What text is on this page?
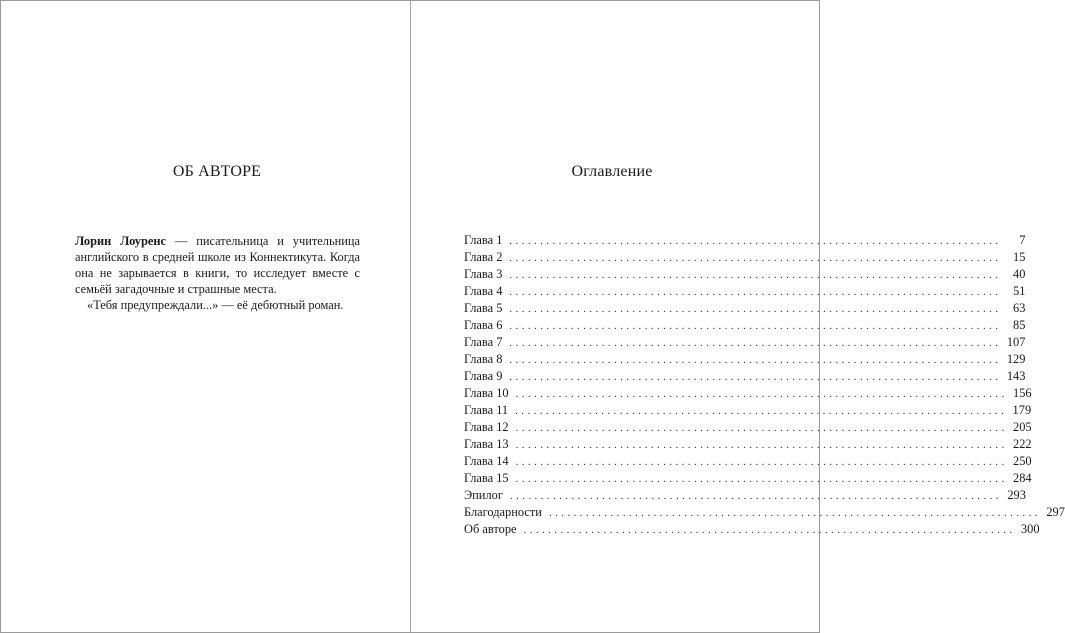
ОБ АВТОРЕ

Лорин Лоуренс — писательница и учительница английского в средней школе из Коннектикута. Когда она не зарывается в книги, то исследует вместе с семьёй загадочные и страшные места.

«Тебя предупреждали...» — её дебютный роман.

Оглавление
Глава 1 ................................................................................	7
Глава 2 ................................................................................ 15
Глава 3 ................................................................................ 40
Глава 4 ................................................................................ 51
Глава 5 ................................................................................ 63
Глава 6 ................................................................................ 85
Глава 7 ................................................................................ 107
Глава 8 ................................................................................ 129
Глава 9 ................................................................................ 143
Глава 10 ................................................................................ 156
Глава 11 ................................................................................ 179
Глава 12 ................................................................................ 205
Глава 13 ................................................................................ 222
Глава 14 ................................................................................ 250
Глава 15 ................................................................................ 284
Эпилог ................................................................................ 293
Благодарности ................................................................................ 297
Об авторе ................................................................................ 300
